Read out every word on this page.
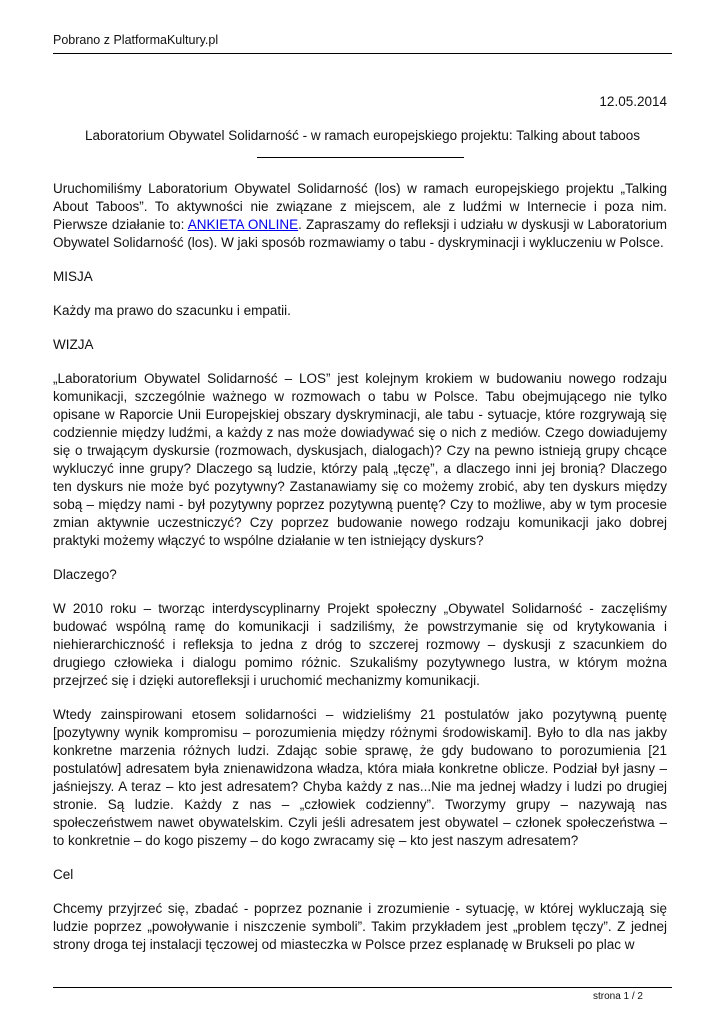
Pobrano z PlatformaKultury.pl
12.05.2014
Laboratorium Obywatel Solidarność - w ramach europejskiego projektu: Talking about taboos

Uruchomiliśmy Laboratorium Obywatel Solidarność (los) w ramach europejskiego projektu „Talking About Taboos”. To aktywności nie związane z miejscem, ale z ludźmi w Internecie i poza nim. Pierwsze działanie to: ANKIETA ONLINE. Zapraszamy do refleksji i udziału w dyskusji w Laboratorium Obywatel Solidarność (los). W jaki sposób rozmawiamy o tabu - dyskryminacji i wykluczeniu w Polsce.

MISJA

Każdy ma prawo do szacunku i empatii.

WIZJA

„Laboratorium Obywatel Solidarność – LOS” jest kolejnym krokiem w budowaniu nowego rodzaju komunikacji, szczególnie ważnego w rozmowach o tabu w Polsce. Tabu obejmującego nie tylko opisane w Raporcie Unii Europejskiej obszary dyskryminacji, ale tabu - sytuacje, które rozgrywają się codziennie między ludźmi, a każdy z nas może dowiadywać się o nich z mediów. Czego dowiadujemy się o trwającym dyskursie (rozmowach, dyskusjach, dialogach)? Czy na pewno istnieją grupy chcące wykluczyć inne grupy? Dlaczego są ludzie, którzy palą „tęczę”, a dlaczego inni jej bronią? Dlaczego ten dyskurs nie może być pozytywny? Zastanawiamy się co możemy zrobić, aby ten dyskurs między sobą – między nami - był pozytywny poprzez pozytywną puentę? Czy to możliwe, aby w tym procesie zmian aktywnie uczestniczyć? Czy poprzez budowanie nowego rodzaju komunikacji jako dobrej praktyki możemy włączyć to wspólne działanie w ten istniejący dyskurs?

Dlaczego?

W 2010 roku – tworząc interdyscyplinarny Projekt społeczny „Obywatel Solidarność - zaczęliśmy budować wspólną ramę do komunikacji i sadziliśmy, że powstrzymanie się od krytykowania i niehierarchiczność i refleksja to jedna z dróg to szczerej rozmowy – dyskusji z szacunkiem do drugiego człowieka i dialogu pomimo różnic. Szukaliśmy pozytywnego lustra, w którym można przejrzeć się i dzięki autorefleksji i uruchomić mechanizmy komunikacji.

Wtedy zainspirowani etosem solidarności – widzieliśmy 21 postulatów jako pozytywną puentę [pozytywny wynik kompromisu – porozumienia między różnymi środowiskami]. Było to dla nas jakby konkretne marzenia różnych ludzi. Zdając sobie sprawę, że gdy budowano to porozumienia [21 postulatów] adresatem była znienawidzona władza, która miała konkretne oblicze. Podział był jasny – jaśniejszy. A teraz – kto jest adresatem? Chyba każdy z nas...Nie ma jednej władzy i ludzi po drugiej stronie. Są ludzie. Każdy z nas – „człowiek codzienny”. Tworzymy grupy – nazywają nas społeczeństwem nawet obywatelskim. Czyli jeśli adresatem jest obywatel – członek społeczeństwa – to konkretnie – do kogo piszemy – do kogo zwracamy się – kto jest naszym adresatem?

Cel

Chcemy przyjrzeć się, zbadać - poprzez poznanie i zrozumienie - sytuację, w której wykluczają się ludzie poprzez „powoływanie i niszczenie symboli”. Takim przykładem jest „problem tęczy”. Z jednej strony droga tej instalacji tęczowej od miasteczka w Polsce przez esplanadę w Brukseli po plac w

strona 1 / 2
